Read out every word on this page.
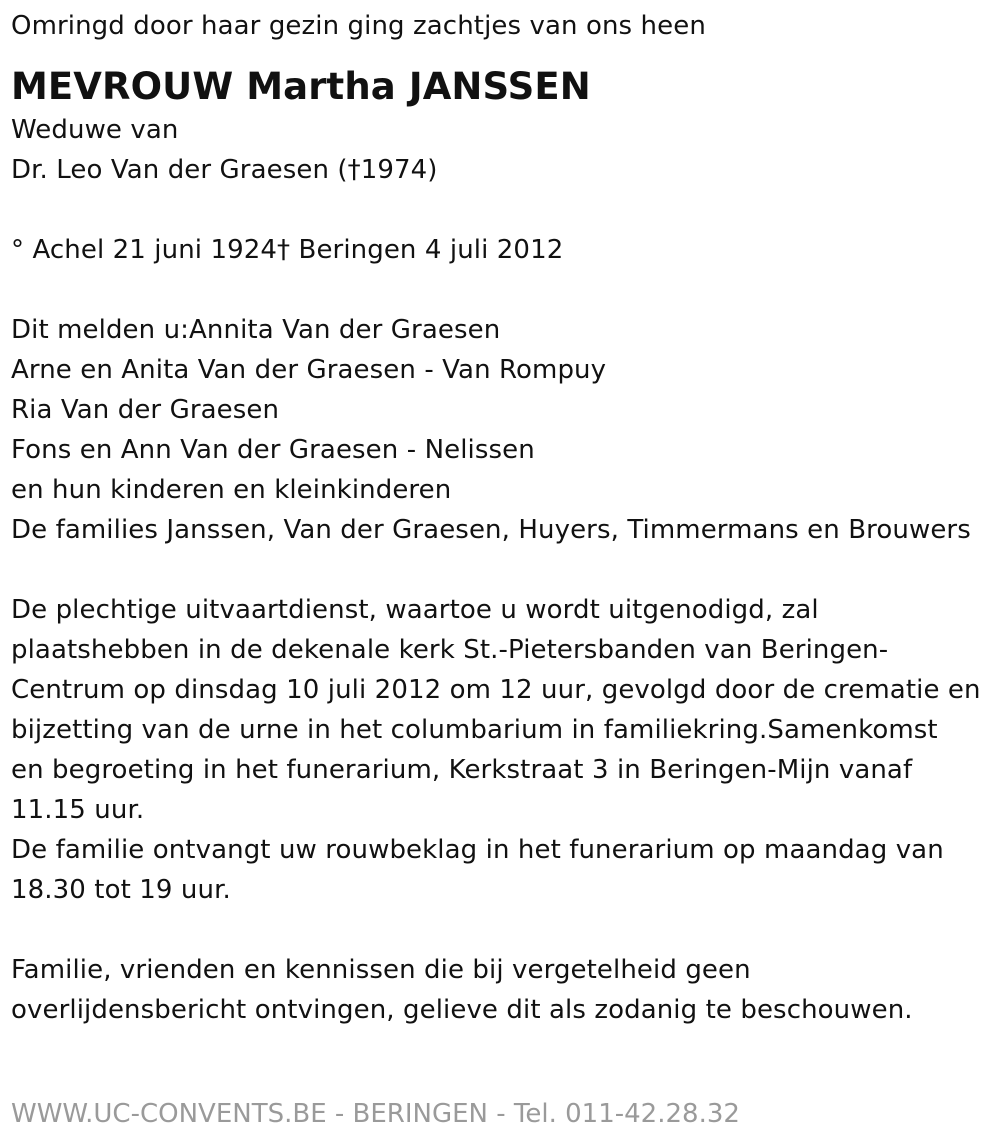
Omringd door haar gezin ging zachtjes van ons heen
MEVROUW Martha JANSSEN
Weduwe van
Dr. Leo Van der Graesen (†1974)
° Achel 21 juni 1924† Beringen 4 juli 2012
Dit melden u:Annita Van der Graesen
Arne en Anita Van der Graesen - Van Rompuy
Ria Van der Graesen
Fons en Ann Van der Graesen - Nelissen
en hun kinderen en kleinkinderen
De families Janssen, Van der Graesen, Huyers, Timmermans en Brouwers
De plechtige uitvaartdienst, waartoe u wordt uitgenodigd, zal
plaatshebben in de dekenale kerk St.-Pietersbanden van Beringen-
Centrum op dinsdag 10 juli 2012 om 12 uur, gevolgd door de crematie en
bijzetting van de urne in het columbarium in familiekring.Samenkomst
en begroeting in het funerarium, Kerkstraat 3 in Beringen-Mijn vanaf
11.15 uur.
De familie ontvangt uw rouwbeklag in het funerarium op maandag van
18.30 tot 19 uur.
Familie, vrienden en kennissen die bij vergetelheid geen
overlijdensbericht ontvingen, gelieve dit als zodanig te beschouwen.
WWW.UC-CONVENTS.BE - BERINGEN - Tel. 011-42.28.32
